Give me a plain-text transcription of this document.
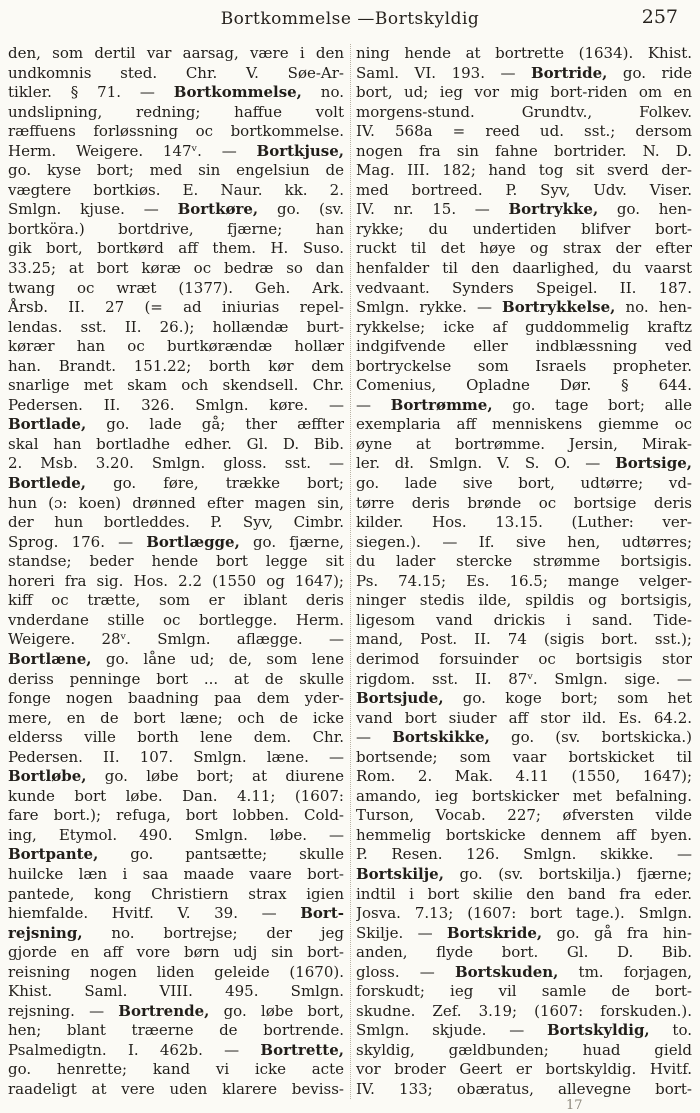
Bortkommelse —Bortskyldig	257
den, som dertil var aarsag, være i den
undkomnis sted. Chr. V. Søe-Ar-
tikler. § 71. — Bortkommelse, no.
undslipning, redning; haffue volt
ræffuens forløssning oc bortkommelse.
Herm. Weigere. 147ᵛ. — Bortkjuse,
go. kyse bort; med sin engelsiun de
vægtere bortkiøs. E. Naur. kk. 2.
Smlgn. kjuse. — Bortkøre, go. (sv.
bortköra.) bortdrive, fjærne; han
gik bort, bortkørd aff them. H. Suso.
33.25; at bort køræ oc bedræ so dan
twang oc wræt (1377). Geh. Ark.
Årsb. II. 27 (= ad iniurias repel-
lendas. sst. II. 26.); hollændæ burt-
kørær han oc burtkørændæ hollær
han. Brandt. 151.22; borth kør dem
snarlige met skam och skendsell. Chr.
Pedersen. II. 326. Smlgn. køre. —
Bortlade, go. lade gå; ther æffter
skal han bortladhe edher. Gl. D. Bib.
2. Msb. 3.20. Smlgn. gloss. sst. —
Bortlede, go. føre, trække bort;
hun (ɔ: koen) drønned efter magen sin,
der hun bortleddes. P. Syv, Cimbr.
Sprog. 176. — Bortlægge, go. fjærne,
standse; beder hende bort legge sit
horeri fra sig. Hos. 2.2 (1550 og 1647);
kiff oc trætte, som er iblant deris
vnderdane stille oc bortlegge. Herm.
Weigere. 28ᵛ. Smlgn. aflægge. —
Bortlæne, go. låne ud; de, som lene
deriss penninge bort ... at de skulle
fonge nogen baadning paa dem yder-
mere, en de bort læne; och de icke
elderss ville borth lene dem. Chr.
Pedersen. II. 107. Smlgn. læne. —
Bortløbe, go. løbe bort; at diurene
kunde bort løbe. Dan. 4.11; (1607:
fare bort.); refuga, bort lobben. Cold-
ing, Etymol. 490. Smlgn. løbe. —
Bortpante, go. pantsætte; skulle
huilcke læn i saa maade vaare bort-
pantede, kong Christiern strax igien
hiemfalde. Hvitf. V. 39. — Bort-
rejsning, no. bortrejse; der jeg
gjorde en aff vore børn udj sin bort-
reisning nogen liden geleide (1670).
Khist. Saml. VIII. 495. Smlgn.
rejsning. — Bortrende, go. løbe bort,
hen; blant træerne de bortrende.
Psalmedigtn. I. 462b. — Bortrette,
go. henrette; kand vi icke acte
raadeligt at vere uden klarere beviss-
ning hende at bortrette (1634). Khist.
Saml. VI. 193. — Bortride, go. ride
bort, ud; ieg vor mig bort-riden om en
morgens-stund. Grundtv., Folkev.
IV. 568a = reed ud. sst.; dersom
nogen fra sin fahne bortrider. N. D.
Mag. III. 182; hand tog sit sverd der-
med bortreed. P. Syv, Udv. Viser.
IV. nr. 15. — Bortrykke, go. hen-
rykke; du undertiden blifver bort-
ruckt til det høye og strax der efter
henfalder til den daarlighed, du vaarst
vedvaant. Synders Speigel. II. 187.
Smlgn. rykke. — Bortrykkelse, no. hen-
rykkelse; icke af guddommelig kraftz
indgifvende eller indblæssning ved
bortryckelse som Israels propheter.
Comenius, Opladne Dør. § 644.
— Bortrømme, go. tage bort; alle
exemplaria aff menniskens giemme oc
øyne at bortrømme. Jersin, Mirak-
ler. dł. Smlgn. V. S. O. — Bortsige,
go. lade sive bort, udtørre; vd-
tørre deris brønde oc bortsige deris
kilder. Hos. 13.15. (Luther: ver-
siegen.). — If. sive hen, udtørres;
du lader stercke strømme bortsigis.
Ps. 74.15; Es. 16.5; mange velger-
ninger stedis ilde, spildis og bortsigis,
ligesom vand drickis i sand. Tide-
mand, Post. II. 74 (sigis bort. sst.);
derimod forsuinder oc bortsigis stor
rigdom. sst. II. 87ᵛ. Smlgn. sige. —
Bortsjude, go. koge bort; som het
vand bort siuder aff stor ild. Es. 64.2.
— Bortskikke, go. (sv. bortskicka.)
bortsende; som vaar bortskicket til
Rom. 2. Mak. 4.11 (1550, 1647);
amando, ieg bortskicker met befalning.
Turson, Vocab. 227; øfversten vilde
hemmelig bortskicke dennem aff byen.
P. Resen. 126. Smlgn. skikke. —
Bortskilje, go. (sv. bortskilja.) fjærne;
indtil i bort skilie den band fra eder.
Josva. 7.13; (1607: bort tage.). Smlgn.
Skilje. — Bortskride, go. gå fra hin-
anden, flyde bort. Gl. D. Bib.
gloss. — Bortskuden, tm. forjagen,
forskudt; ieg vil samle de bort-
skudne. Zef. 3.19; (1607: forskuden.).
Smlgn. skjude. — Bortskyldig, to.
skyldig, gældbunden; huad gield
vor broder Geert er bortskyldig. Hvitf.
IV. 133; obæratus, allevegne bort-
17
